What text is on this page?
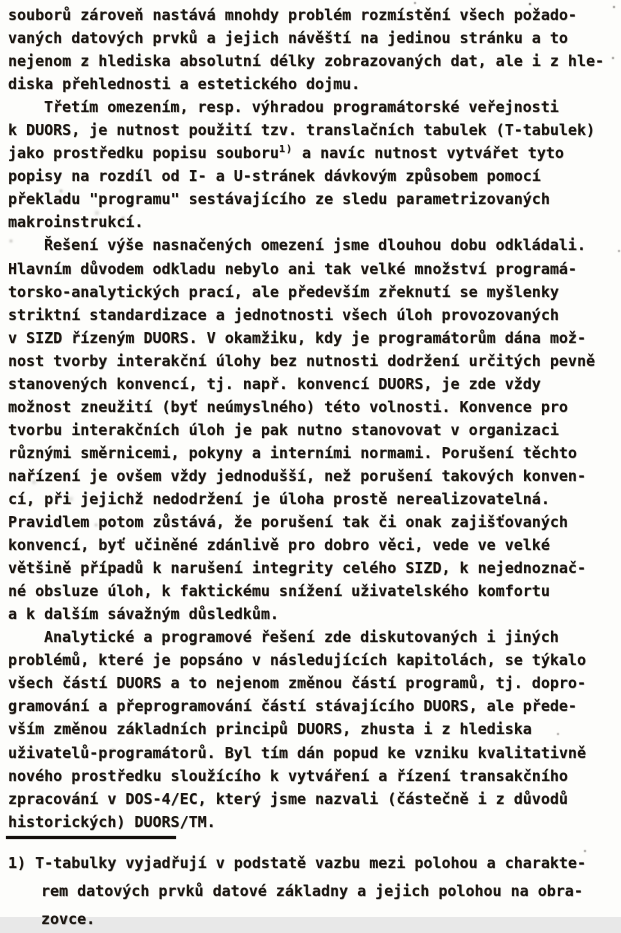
souborů zároveň nastává mnohdy problém rozmístění všech požado-
vaných datových prvků a jejich návěští na jedinou stránku a to
nejenom z hlediska absolutní délky zobrazovaných dat, ale i z hle-
diska přehlednosti a estetického dojmu.
Třetím omezením, resp. výhradou programátorské veřejnosti
k DUORS, je nutnost použití tzv. translačních tabulek (T-tabulek)
jako prostředku popisu souboru$^{1)}$ a navíc nutnost vytvářet tyto
popisy na rozdíl od I- a U-stránek dávkovým způsobem pomocí
překladu "programu" sestávajícího ze sledu parametrizovaných
makroinstrukcí.
Řešení výše nasnačených omezení jsme dlouhou dobu odkládali.
Hlavním důvodem odkladu nebylo ani tak velké množství programá-
torsko-analytických prací, ale především zřeknutí se myšlenky
striktní standardizace a jednotnosti všech úloh provozovaných
v SIZD řízeným DUORS. V okamžiku, kdy je programátorům dána mož-
nost tvorby interakční úlohy bez nutnosti dodržení určitých pevně
stanovených konvencí, tj. např. konvencí DUORS, je zde vždy
možnost zneužití (byť neúmyslného) této volnosti. Konvence pro
tvorbu interakčních úloh je pak nutno stanovovat v organizaci
různými směrnicemi, pokyny a interními normami. Porušení těchto
nařízení je ovšem vždy jednodušší, než porušení takových konven-
cí, při jejichž nedodržení je úloha prostě nerealizovatelná.
Pravidlem potom zůstává, že porušení tak či onak zajišťovaných
konvencí, byť učiněné zdánlivě pro dobro věci, vede ve velké
většině případů k narušení integrity celého SIZD, k nejednoznač-
né obsluze úloh, k faktickému snížení uživatelského komfortu
a k dalším sávažným důsledkům.
Analytické a programové řešení zde diskutovaných i jiných
problémů, které je popsáno v následujících kapitolách, se týkalo
všech částí DUORS a to nejenom změnou částí programů, tj. dopro-
gramování a přeprogramování částí stávajícího DUORS, ale přede-
vším změnou základních principů DUORS, zhusta i z hlediska
uživatelů-programátorů. Byl tím dán popud ke vzniku kvalitativně
nového prostředku sloužícího k vytváření a řízení transakčního
zpracování v DOS-4/EC, který jsme nazvali (částečně i z důvodů
historických) DUORS/TM.
1) T-tabulky vyjadřují v podstatě vazbu mezi polohou a charakte-
rem datových prvků datové základny a jejich polohou na obra-
zovce.
